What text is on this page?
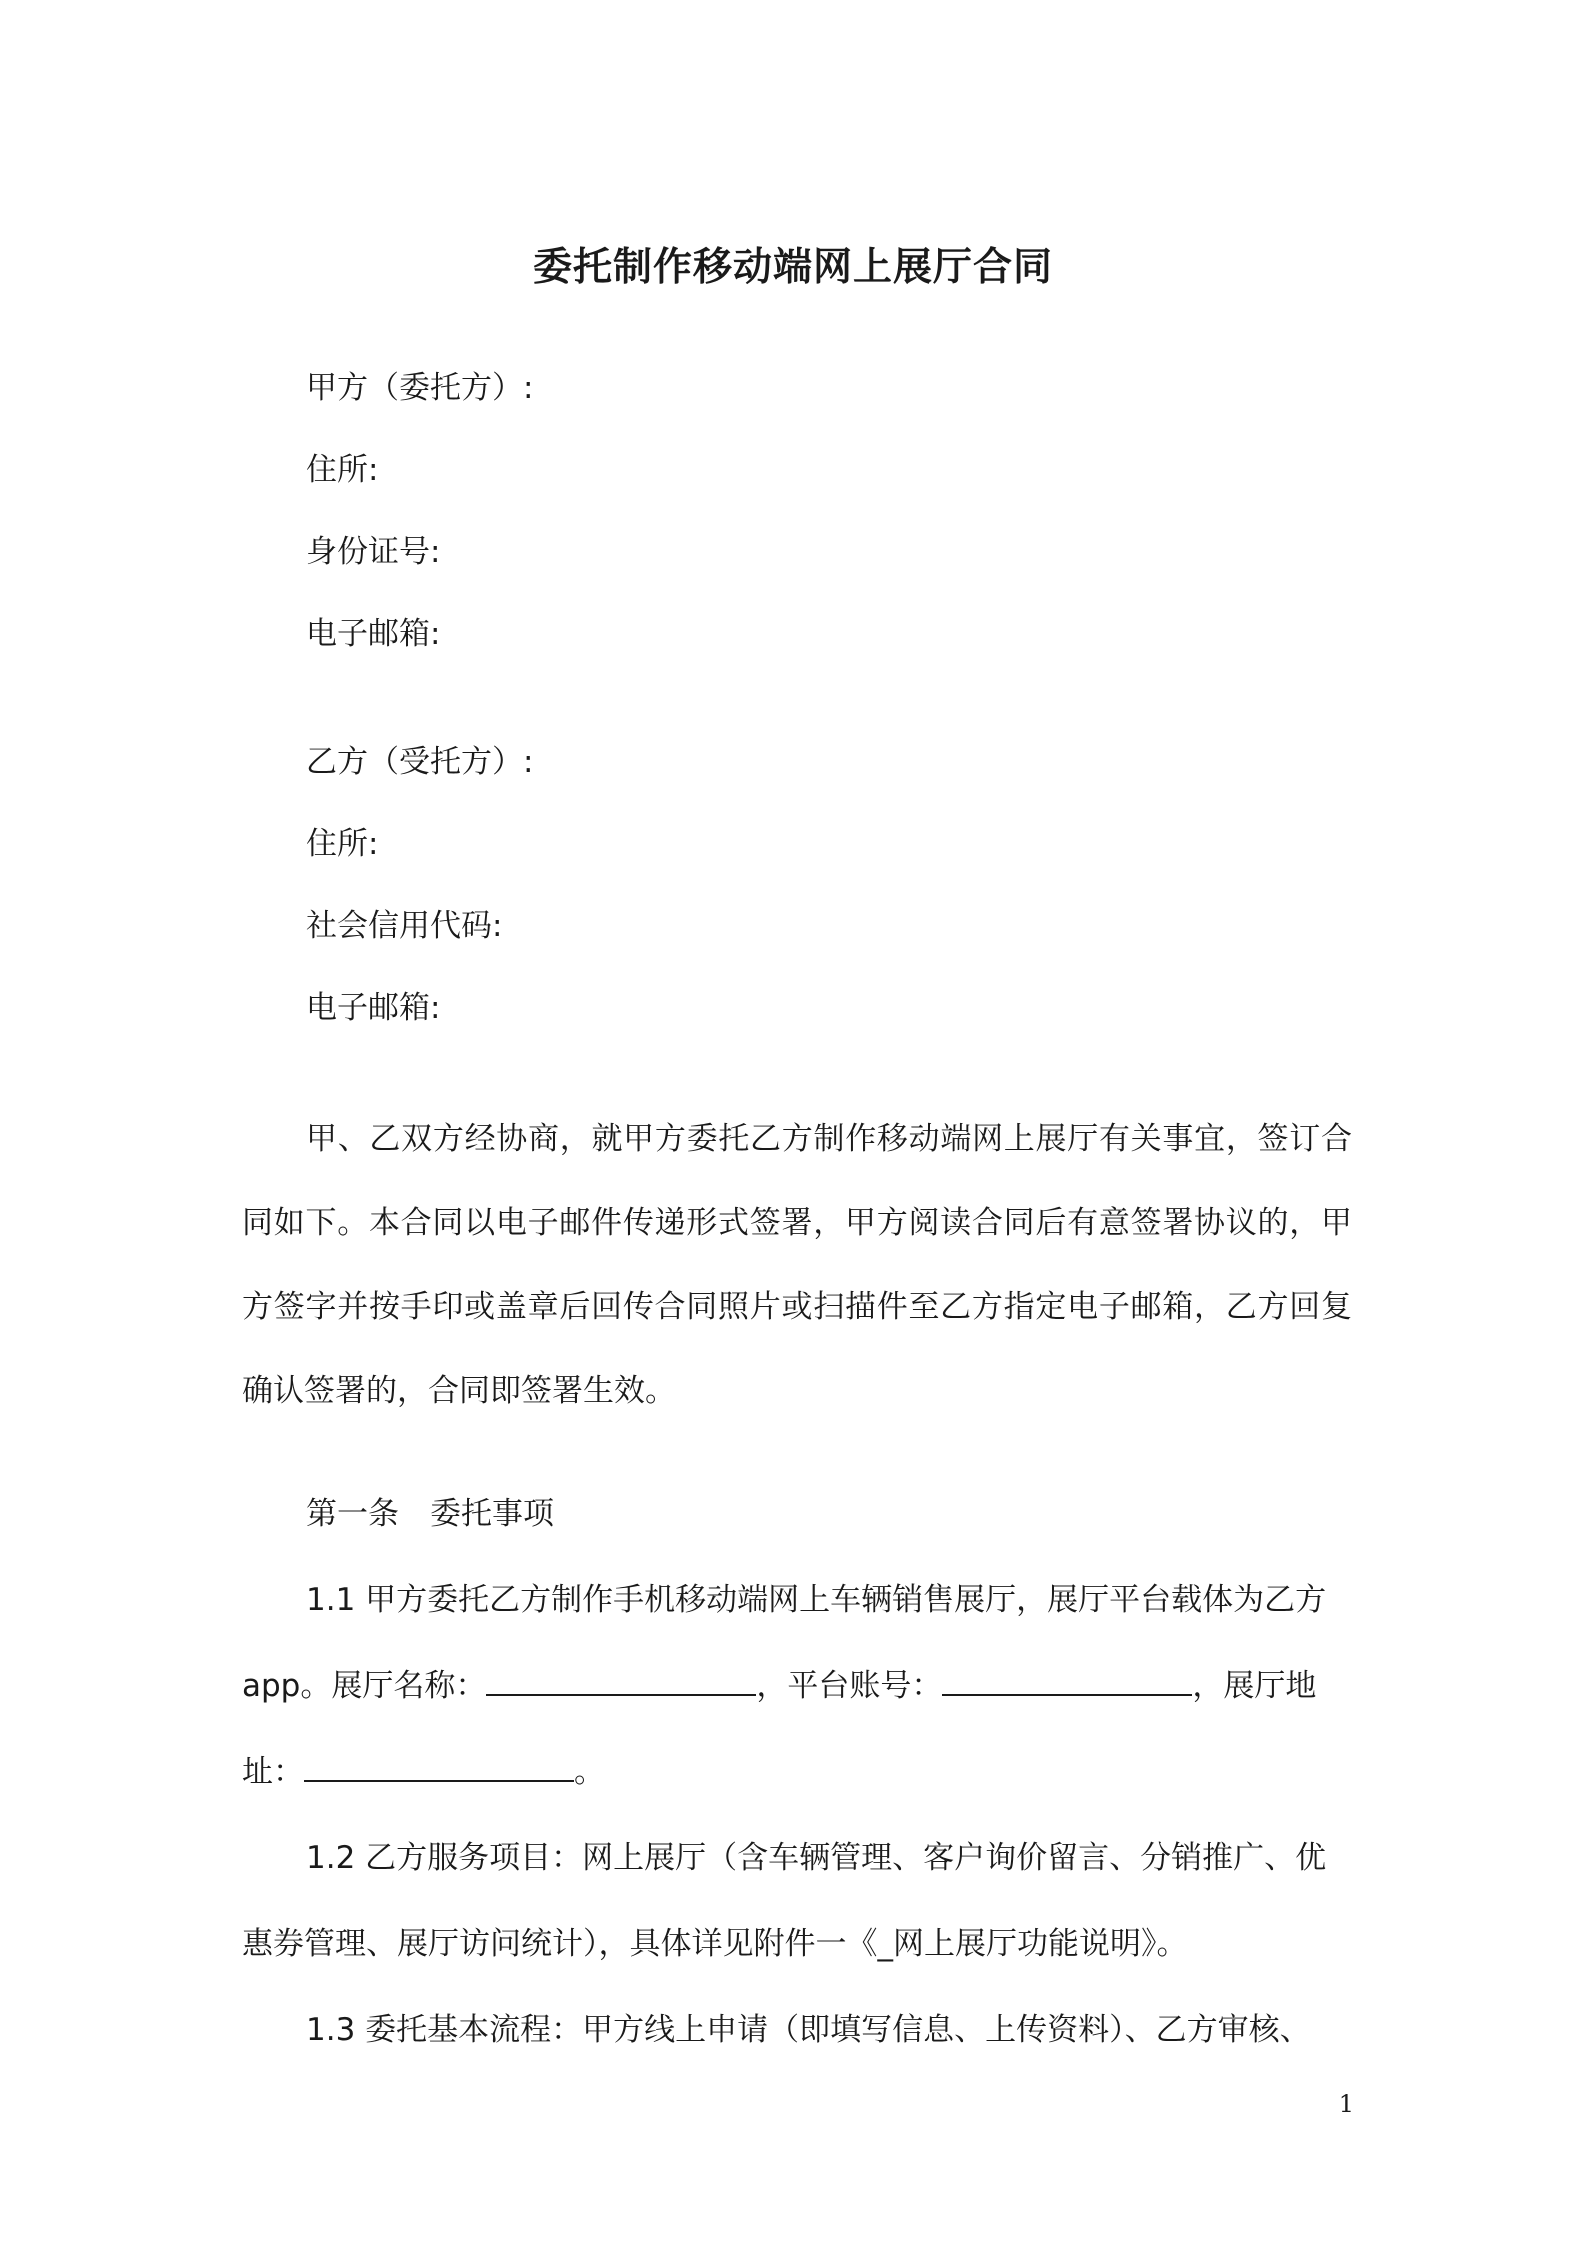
委托制作移动端网上展厅合同
甲方（委托方）:
住所:
身份证号:
电子邮箱:
乙方（受托方）:
住所:
社会信用代码:
电子邮箱:
甲、乙双方经协商，就甲方委托乙方制作移动端网上展厅有关事宜，签订合同如下。本合同以电子邮件传递形式签署，甲方阅读合同后有意签署协议的，甲方签字并按手印或盖章后回传合同照片或扫描件至乙方指定电子邮箱，乙方回复确认签署的，合同即签署生效。
第一条　委托事项
1.1 甲方委托乙方制作手机移动端网上车辆销售展厅，展厅平台载体为乙方
app。展厅名称：	，平台账号：	，展厅地
址：	。
1.2 乙方服务项目：网上展厅（含车辆管理、客户询价留言、分销推广、优
惠券管理、展厅访问统计），具体详见附件一《_网上展厅功能说明》。
1.3 委托基本流程：甲方线上申请（即填写信息、上传资料）、乙方审核、
1
